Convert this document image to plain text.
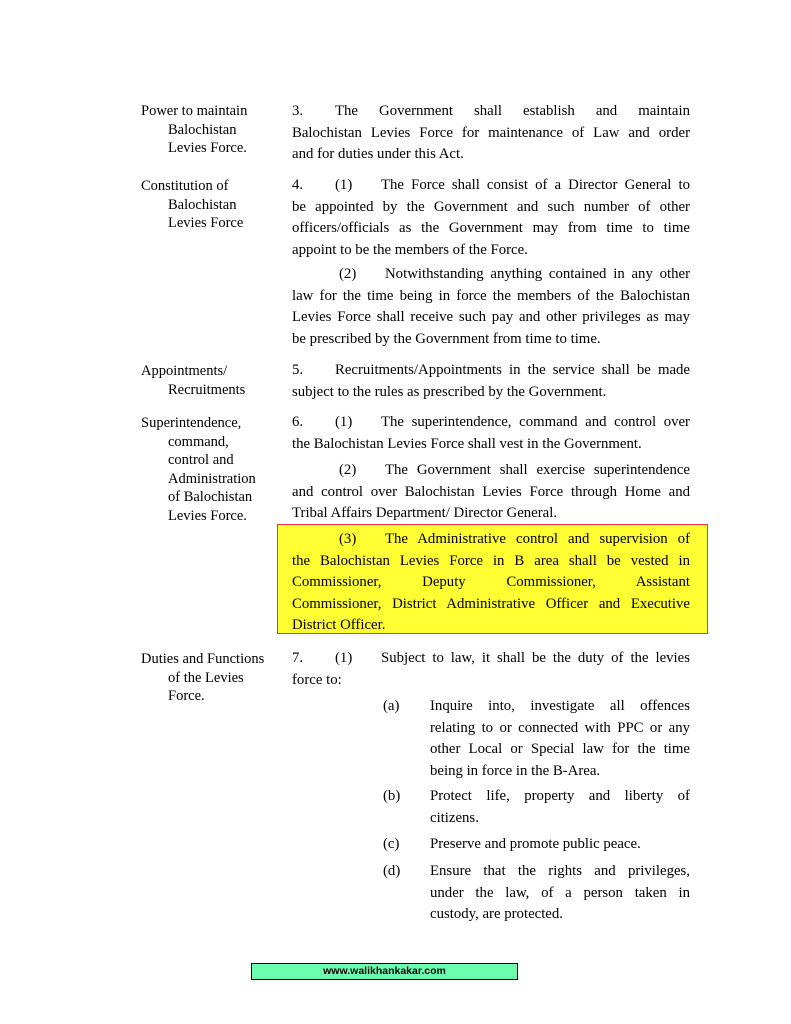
Power to maintain
Balochistan
Levies Force.
3. The Government shall establish and maintain
Balochistan Levies Force for maintenance of Law and order
and for duties under this Act.
Constitution of
Balochistan
Levies Force
4. (1) The Force shall consist of a Director General to
be appointed by the Government and such number of other
officers/officials as the Government may from time to time
appoint to be the members of the Force.
(2) Notwithstanding anything contained in any other
law for the time being in force the members of the Balochistan
Levies Force shall receive such pay and other privileges as may
be prescribed by the Government from time to time.
Appointments/
Recruitments
5. Recruitments/Appointments in the service shall be made
subject to the rules as prescribed by the Government.
Superintendence,
command,
control and
Administration
of Balochistan
Levies Force.
6. (1) The superintendence, command and control over
the Balochistan Levies Force shall vest in the Government.
(2) The Government shall exercise superintendence
and control over Balochistan Levies Force through Home and
Tribal Affairs Department/ Director General.
(3) The Administrative control and supervision of
the Balochistan Levies Force in B area shall be vested in
Commissioner, Deputy Commissioner, Assistant
Commissioner, District Administrative Officer and Executive
District Officer.
Duties and Functions
of the Levies
Force.
7. (1) Subject to law, it shall be the duty of the levies
force to:
(a) Inquire into, investigate all offences
relating to or connected with PPC or any
other Local or Special law for the time
being in force in the B-Area.
(b) Protect life, property and liberty of
citizens.
(c) Preserve and promote public peace.
(d) Ensure that the rights and privileges,
under the law, of a person taken in
custody, are protected.
www.walikhankakar.com
